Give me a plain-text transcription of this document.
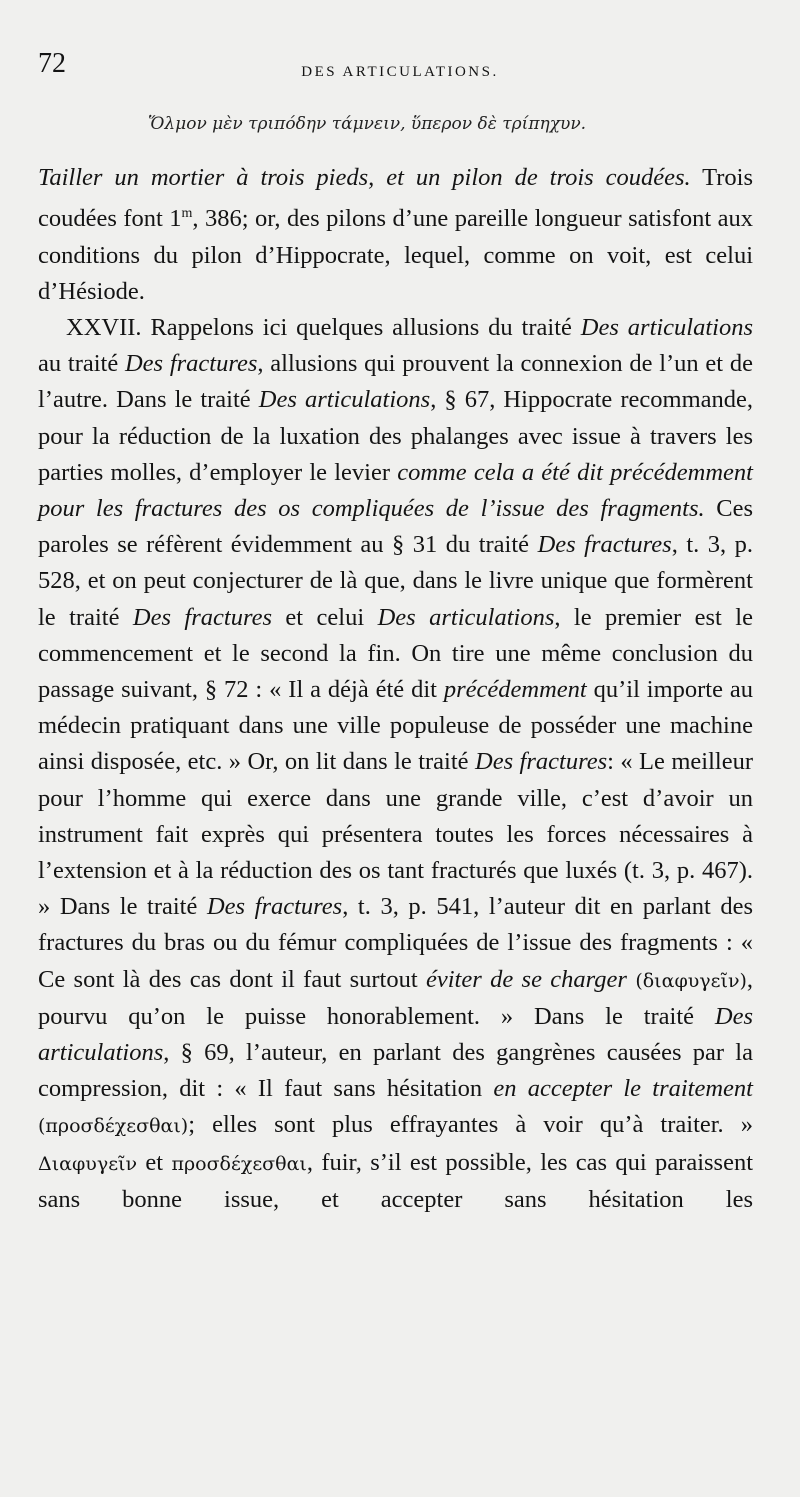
72	DES ARTICULATIONS.
Ὅλμον μὲν τριπόδην τάμνειν, ὕπερον δὲ τρίπηχυν.

Tailler un mortier à trois pieds, et un pilon de trois coudées. Trois coudées font 1$^m$, 386; or, des pilons d’une pareille longueur satisfont aux conditions du pilon d’Hippocrate, lequel, comme on voit, est celui d’Hésiode.

XXVII. Rappelons ici quelques allusions du traité Des articulations au traité Des fractures, allusions qui prouvent la connexion de l’un et de l’autre. Dans le traité Des articulations, § 67, Hippocrate recommande, pour la réduction de la luxation des phalanges avec issue à travers les parties molles, d’employer le levier comme cela a été dit précédemment pour les fractures des os compliquées de l’issue des fragments. Ces paroles se réfèrent évidemment au § 31 du traité Des fractures, t. 3, p. 528, et on peut conjecturer de là que, dans le livre unique que formèrent le traité Des fractures et celui Des articulations, le premier est le commencement et le second la fin. On tire une même conclusion du passage suivant, § 72 : « Il a déjà été dit précédemment qu’il importe au médecin pratiquant dans une ville populeuse de posséder une machine ainsi disposée, etc. » Or, on lit dans le traité Des fractures: « Le meilleur pour l’homme qui exerce dans une grande ville, c’est d’avoir un instrument fait exprès qui présentera toutes les forces nécessaires à l’extension et à la réduction des os tant fracturés que luxés (t. 3, p. 467). » Dans le traité Des fractures, t. 3, p. 541, l’auteur dit en parlant des fractures du bras ou du fémur compliquées de l’issue des fragments : « Ce sont là des cas dont il faut surtout éviter de se charger (διαφυγεῖν), pourvu qu’on le puisse honorablement. » Dans le traité Des articulations, § 69, l’auteur, en parlant des gangrènes causées par la compression, dit : « Il faut sans hésitation en accepter le traitement (προσδέχεσθαι); elles sont plus effrayantes à voir qu’à traiter. » Διαφυγεῖν et προσδέχεσθαι, fuir, s’il est possible, les cas qui paraissent sans bonne issue, et accepter sans hésitation les
